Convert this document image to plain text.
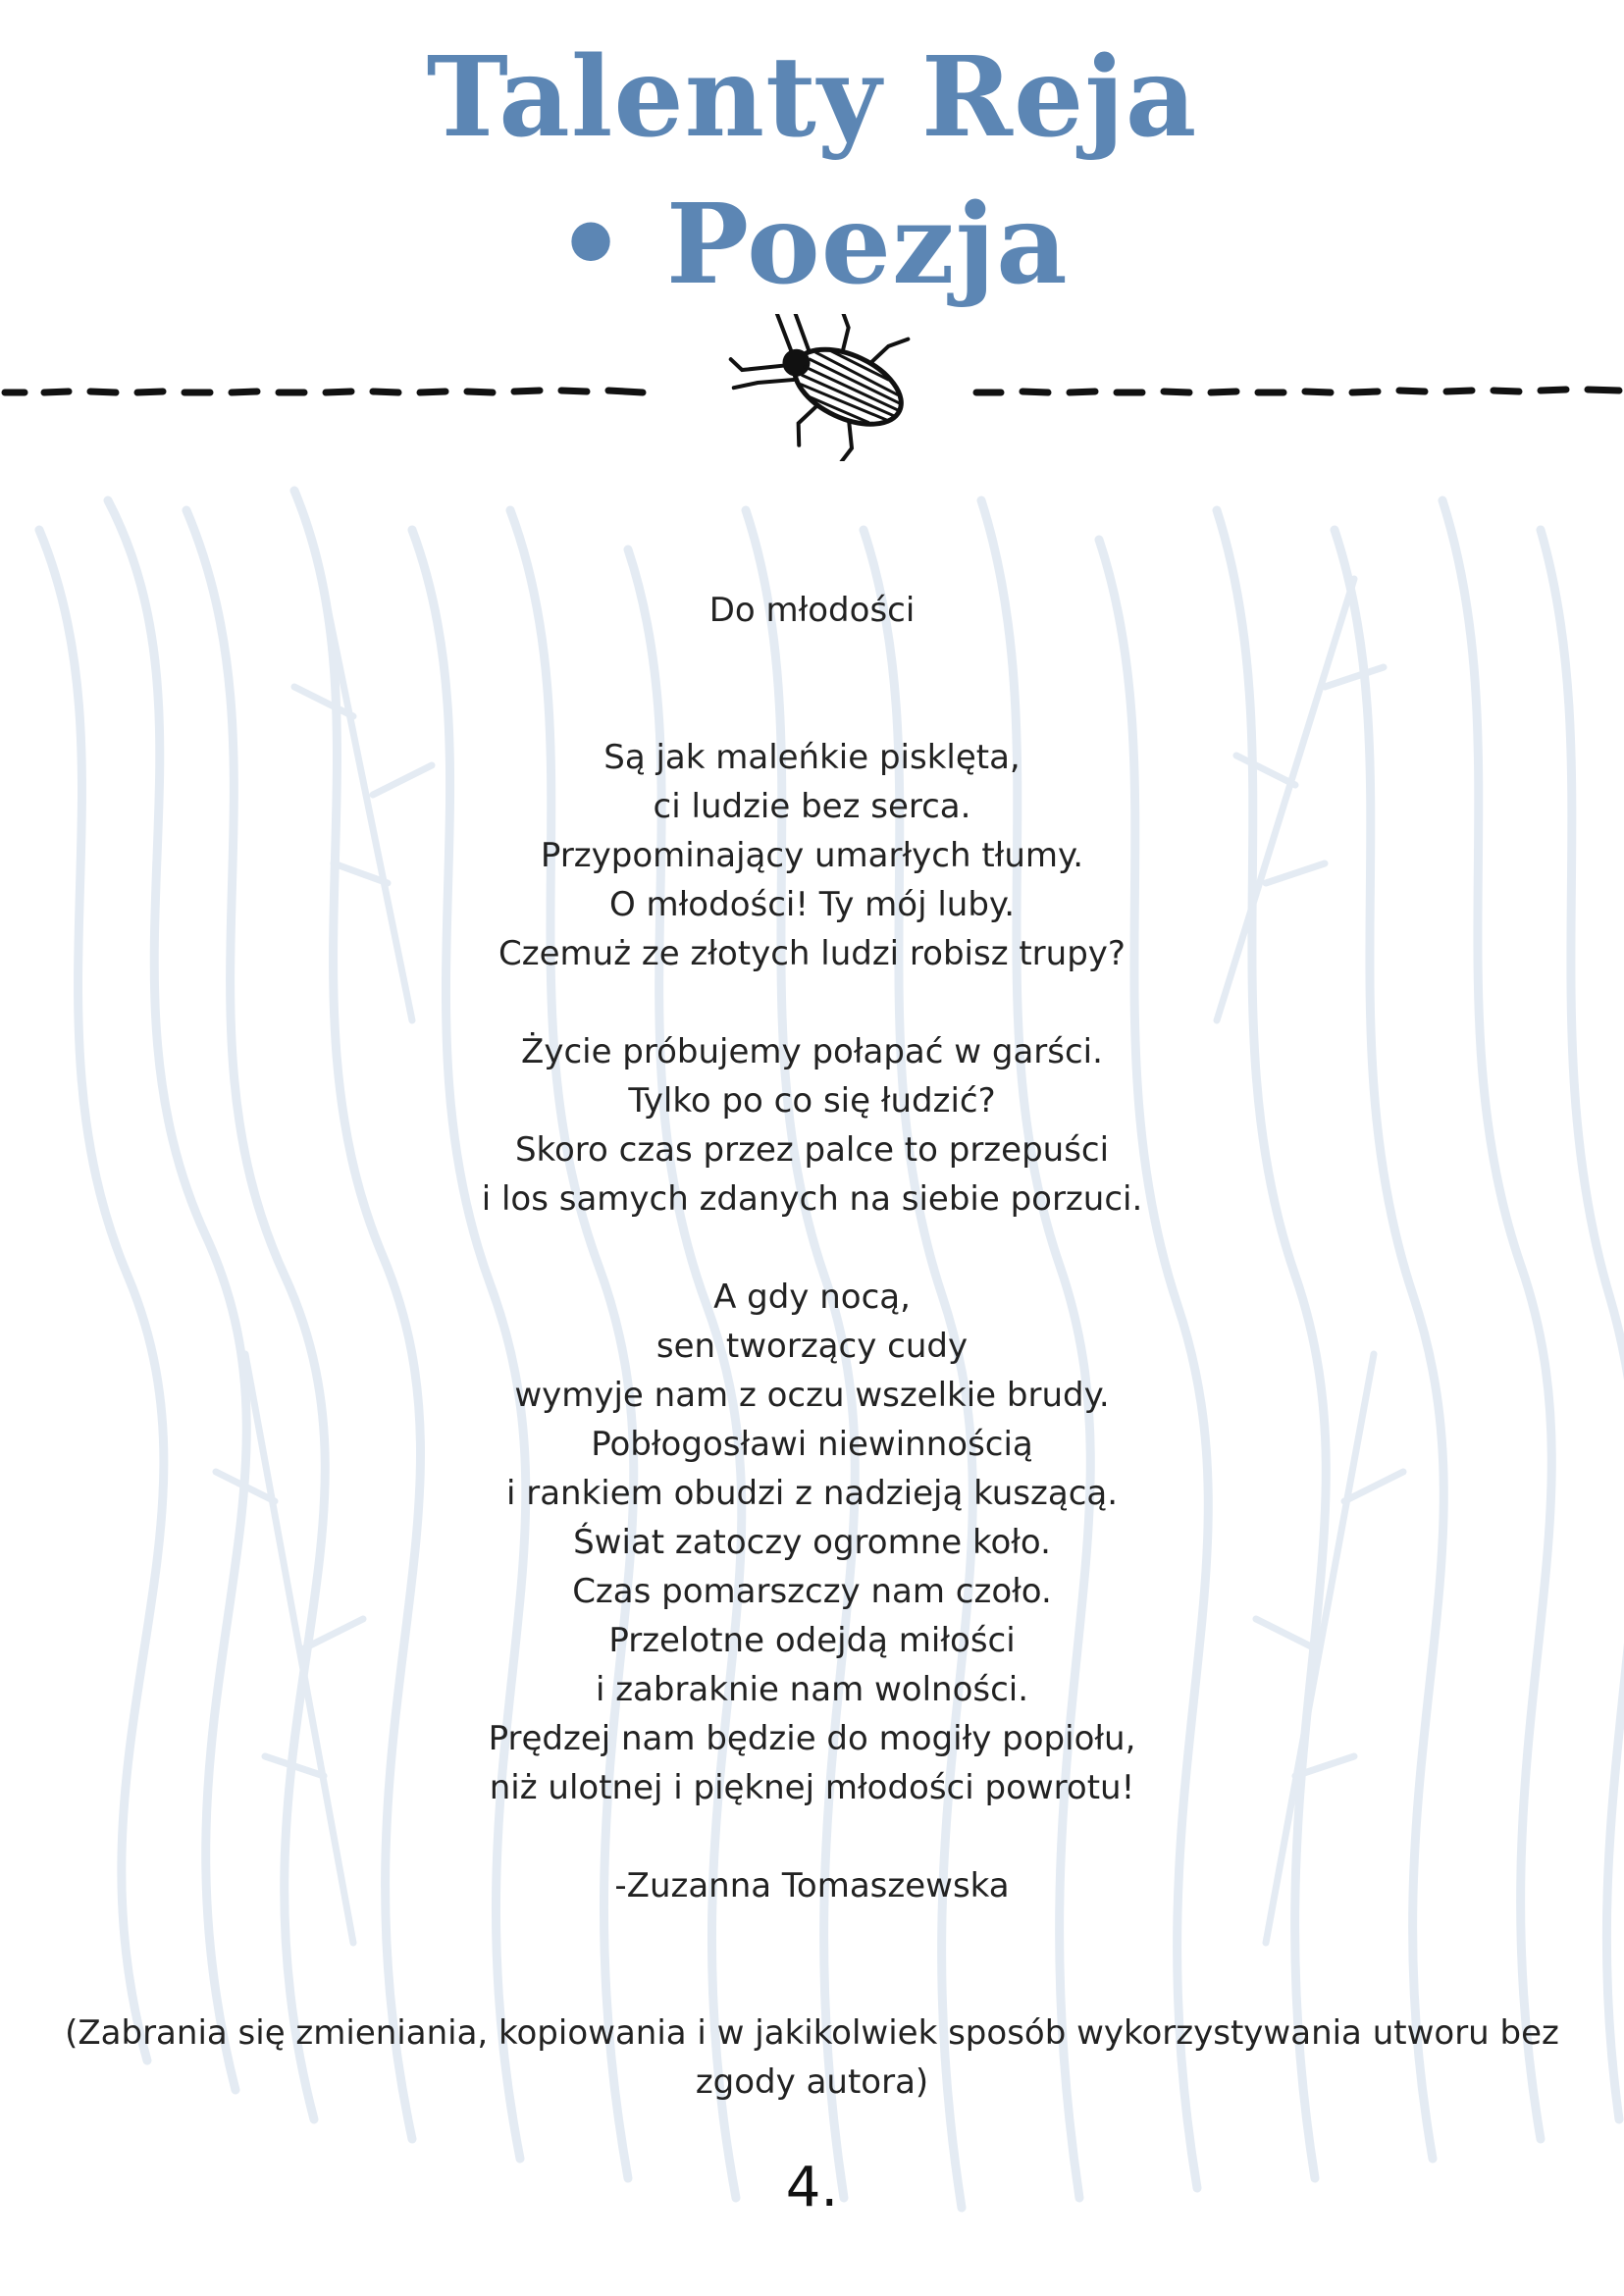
Talenty Reja
• Poezja
Do młodości
Są jak maleńkie pisklęta,
ci ludzie bez serca.
Przypominający umarłych tłumy.
O młodości! Ty mój luby.
Czemuż ze złotych ludzi robisz trupy?
Życie próbujemy połapać w garści.
Tylko po co się łudzić?
Skoro czas przez palce to przepuści
i los samych zdanych na siebie porzuci.
A gdy nocą,
sen tworzący cudy
wymyje nam z oczu wszelkie brudy.
Pobłogosławi niewinnością
i rankiem obudzi z nadzieją kuszącą.
Świat zatoczy ogromne koło.
Czas pomarszczy nam czoło.
Przelotne odejdą miłości
i zabraknie nam wolności.
Prędzej nam będzie do mogiły popiołu,
niż ulotnej i pięknej młodości powrotu!
-Zuzanna Tomaszewska
(Zabrania się zmieniania, kopiowania i w jakikolwiek sposób wykorzystywania utworu bez zgody autora)
4.
